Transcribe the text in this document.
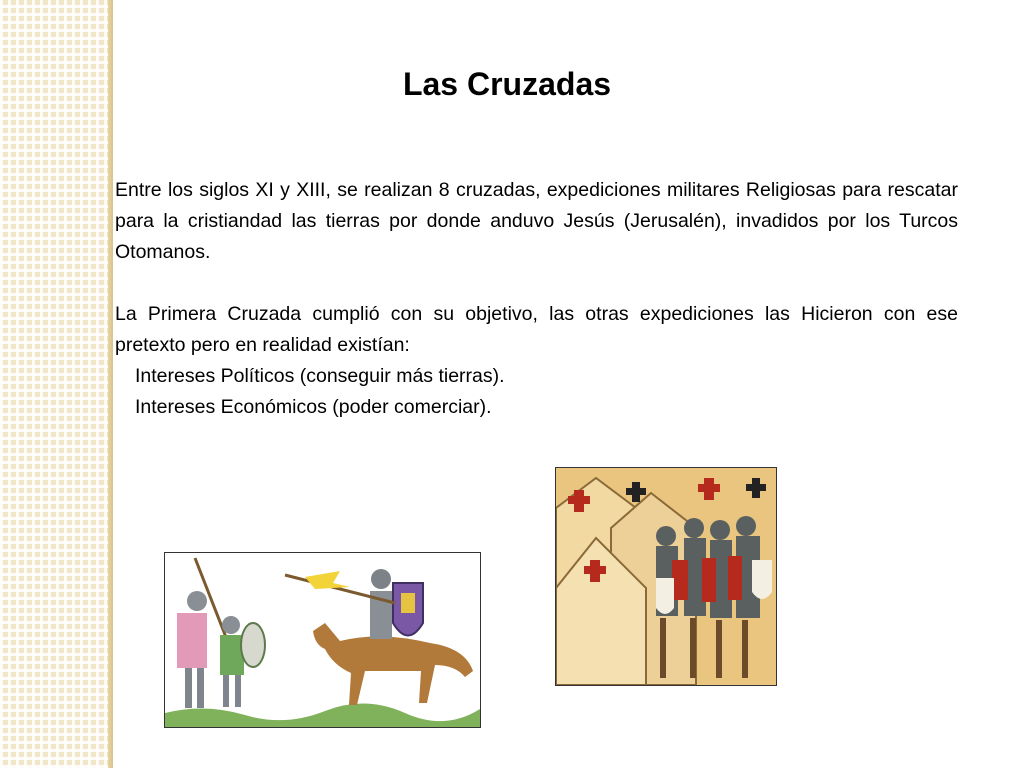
Las Cruzadas

Entre los siglos XI y XIII, se realizan 8 cruzadas, expediciones militares Religiosas para rescatar para la cristiandad las tierras por donde anduvo Jesús (Jerusalén), invadidos por los Turcos Otomanos.

La Primera Cruzada cumplió con su objetivo, las otras expediciones las Hicieron con ese pretexto pero en realidad existían:

Intereses Políticos (conseguir más tierras).

Intereses Económicos (poder comerciar).
